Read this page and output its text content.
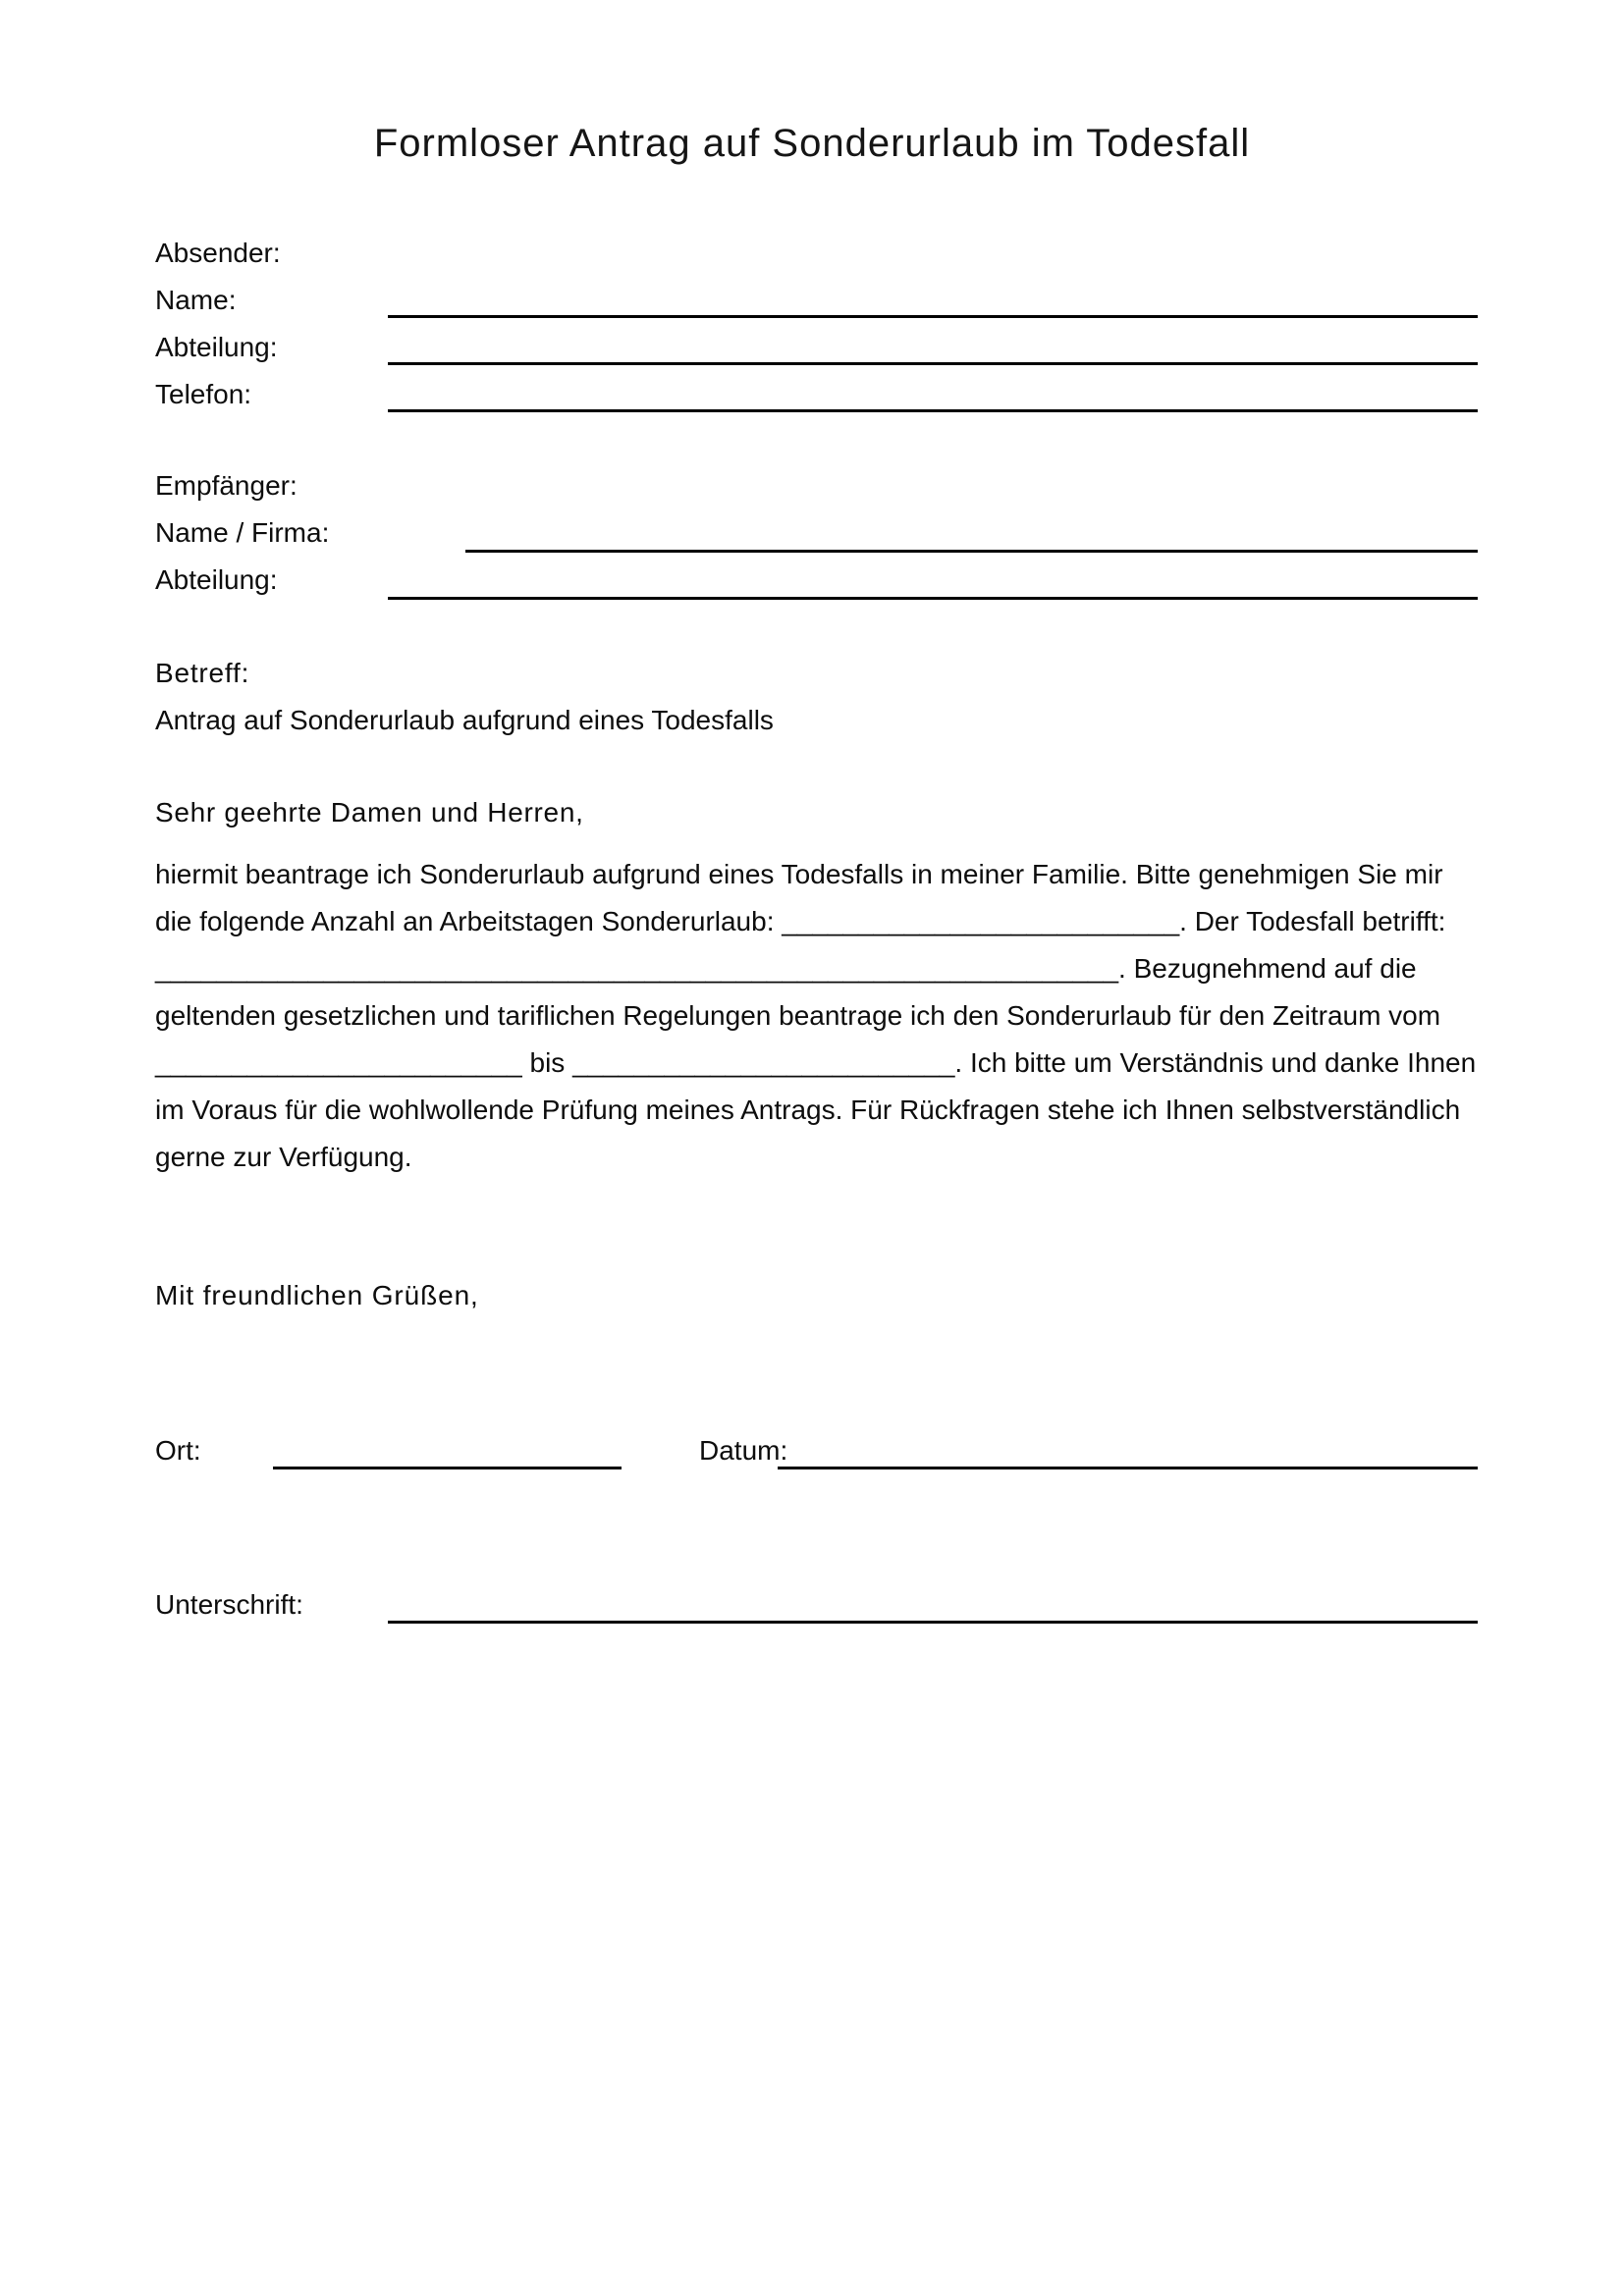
Formloser Antrag auf Sonderurlaub im Todesfall
Absender:
Name:
Abteilung:
Telefon:
Empfänger:
Name / Firma:
Abteilung:
Betreff:
Antrag auf Sonderurlaub aufgrund eines Todesfalls
Sehr geehrte Damen und Herren,
hiermit beantrage ich Sonderurlaub aufgrund eines Todesfalls in meiner Familie. Bitte genehmigen Sie mir
die folgende Anzahl an Arbeitstagen Sonderurlaub: __________________________. Der Todesfall betrifft:
_______________________________________________________________. Bezugnehmend auf die
geltenden gesetzlichen und tariflichen Regelungen beantrage ich den Sonderurlaub für den Zeitraum vom
________________________ bis _________________________. Ich bitte um Verständnis und danke Ihnen
im Voraus für die wohlwollende Prüfung meines Antrags. Für Rückfragen stehe ich Ihnen selbstverständlich
gerne zur Verfügung.
Mit freundlichen Grüßen,
Ort:	Datum:
Unterschrift:
